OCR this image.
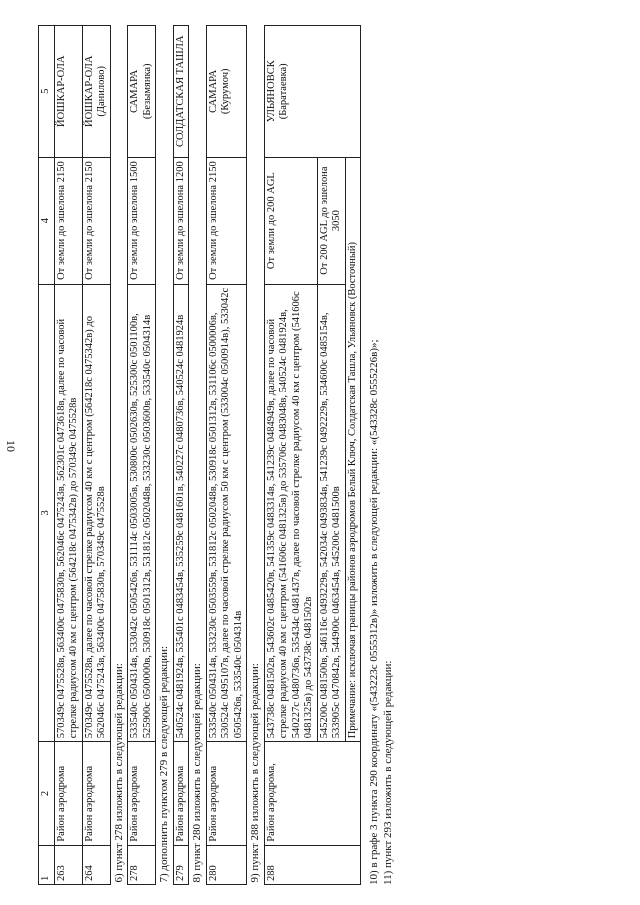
10
1	2	3	4	5
263	Район аэродрома	570349с 0475528в, 563400с 0475830в, 562046с 0475243в, 562301с 0473618в, далее по часовой стрелке радиусом 40 км с центром (564218с 0475342в) до 570349с 0475528в	От земли до эшелона 2150	ЙОШКАР-ОЛА

264	Район аэродрома	570349с 0475528в, далее по часовой стрелке радиусом 40 км с центром (564218с 0475342в) до 562046с 0475243в, 563400с 0475830в, 570349с 0475528в	От земли до эшелона 2150	ЙОШКАР-ОЛА (Данилово)

6) пункт 278 изложить в следующей редакции:				
278	Район аэродрома	533540с 0504314в, 533042с 0505426в, 531114с 0503005в, 530800с 0502630в, 525300с 0501100в, 525900с 0500000в, 530918с 0501312в, 531812с 0502048в, 533230с 0503600в, 533540с 0504314в	От земли до эшелона 1500	САМАРА (Безымянка)

7) дополнить пунктом 279 в следующей редакции:				
279	Район аэродрома	540524с 0481924в, 535401с 0483454в, 535259с 0481601в, 540227с 0480736в, 540524с 0481924в	От земли до эшелона 1200	СОЛДАТСКАЯ ТАШЛА

8) пункт 280 изложить в следующей редакции:				
280	Район аэродрома	533540с 0504314в, 533230с 0503559в, 531812с 0502048в, 530918с 0501312в, 531106с 0500006в, 530524с 0495107в, далее по часовой стрелке радиусом 50 км с центром (533004с 0500914в), 533042с 0505426в, 533540с 0504314в	От земли до эшелона 2150	САМАРА (Курумоч)

9) пункт 288 изложить в следующей редакции:				
288	Район аэродрома,	543738с 0481502в, 543602с 0485420в, 541359с 0483314в, 541239с 0484949в, далее по часовой стрелке радиусом 40 км с центром (541606с 0481325в) до 535706с 0483048в, 540524с 0481924в, 540227с 0480736в, 535434с 0481437в, далее по часовой стрелке радиусом 40 км с центром (541606с 0481325в) до 543738с 0481502в	От земли до 200 AGL	УЛЬЯНОВСК (Баратаевка)

		545200с 0481500в, 546116с 0493229в, 542034с 0493834в, 541239с 0492229в, 534600с 0485154в, 533905с 0470842в, 544900с 0463454в, 545200с 0481500в	От 200 AGL до эшелона 3050	
		Примечание: исключая границы районов аэродромов Белый Ключ, Солдатская Ташла, Ульяновск (Восточный)		10) в графе 3 пункта 290 координату «(543223с 0555312в)» изложить в следующей редакции: «(543328с 0555226в)»; 11) пункт 293 изложить в следующей редакции:
